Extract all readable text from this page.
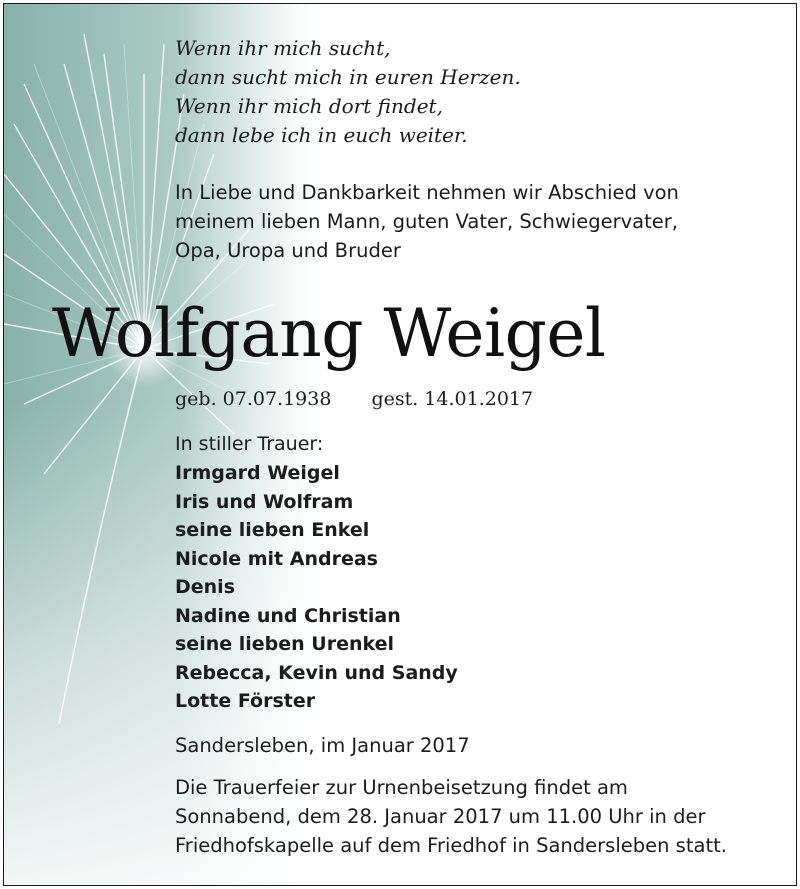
Wenn ihr mich sucht,
dann sucht mich in euren Herzen.
Wenn ihr mich dort findet,
dann lebe ich in euch weiter.
In Liebe und Dankbarkeit nehmen wir Abschied von
meinem lieben Mann, guten Vater, Schwiegervater,
Opa, Uropa und Bruder
Wolfgang Weigel
geb. 07.07.1938 gest. 14.01.2017
In stiller Trauer:
Irmgard Weigel
Iris und Wolfram
seine lieben Enkel
Nicole mit Andreas
Denis
Nadine und Christian
seine lieben Urenkel
Rebecca, Kevin und Sandy
Lotte Förster
Sandersleben, im Januar 2017
Die Trauerfeier zur Urnenbeisetzung findet am
Sonnabend, dem 28. Januar 2017 um 11.00 Uhr in der
Friedhofskapelle auf dem Friedhof in Sandersleben statt.
